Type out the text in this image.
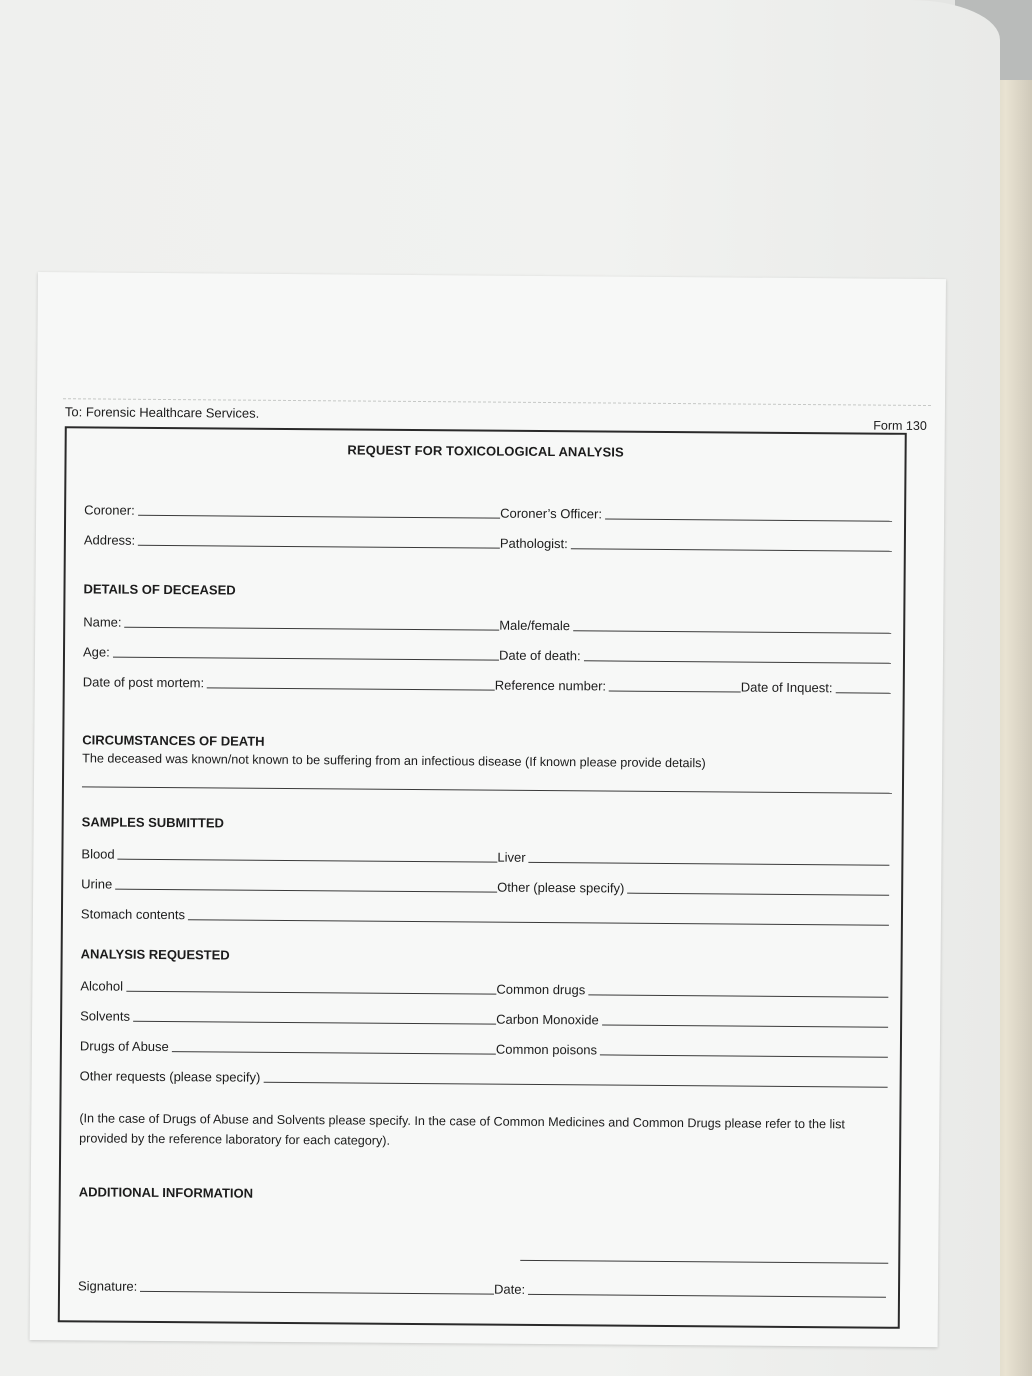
To: Forensic Healthcare Services.
Form 130
REQUEST FOR TOXICOLOGICAL ANALYSIS
Coroner:	Coroner’s Officer:
Address:	Pathologist:
DETAILS OF DECEASED
Name:	Male/female
Age:	Date of death:
Date of post mortem:	Reference number:	Date of Inquest:
CIRCUMSTANCES OF DEATH
The deceased was known/not known to be suffering from an infectious disease (If known please provide details)
SAMPLES SUBMITTED
Blood	Liver
Urine	Other (please specify)
Stomach contents
ANALYSIS REQUESTED
Alcohol	Common drugs
Solvents	Carbon Monoxide
Drugs of Abuse	Common poisons
Other requests (please specify)
(In the case of Drugs of Abuse and Solvents please specify. In the case of Common Medicines and Common Drugs please refer to the list provided by the reference laboratory for each category).
ADDITIONAL INFORMATION
Signature:	Date:
